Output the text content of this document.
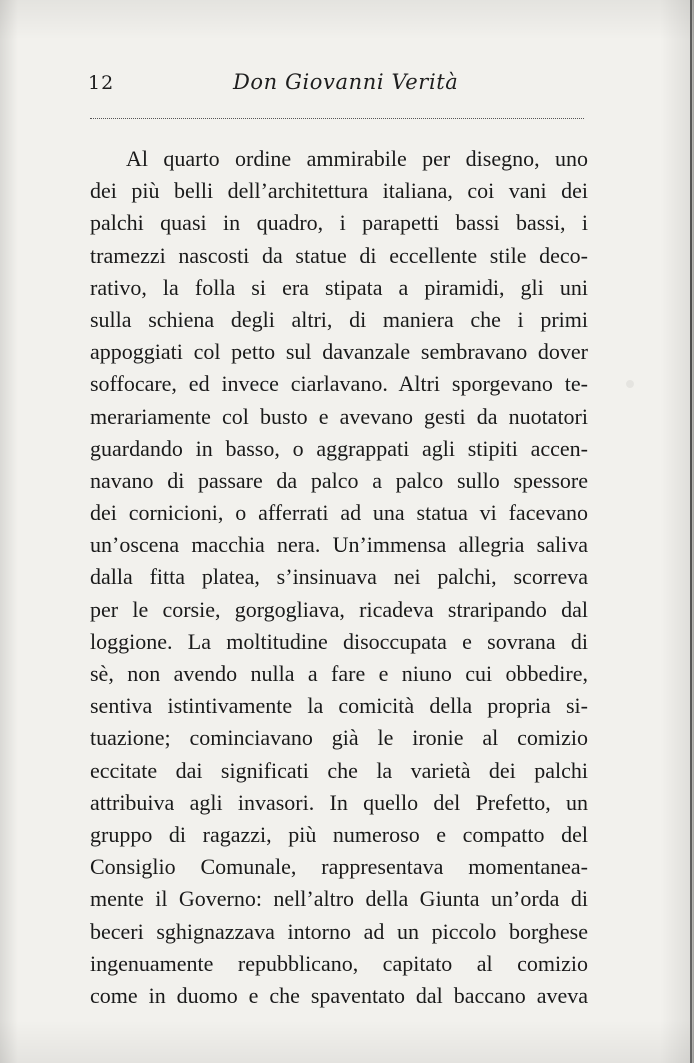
12	Don Giovanni Verità
Al quarto ordine ammirabile per disegno, uno
dei più belli dell’architettura italiana, coi vani dei
palchi quasi in quadro, i parapetti bassi bassi, i
tramezzi nascosti da statue di eccellente stile deco-
rativo, la folla si era stipata a piramidi, gli uni
sulla schiena degli altri, di maniera che i primi
appoggiati col petto sul davanzale sembravano dover
soffocare, ed invece ciarlavano. Altri sporgevano te-
merariamente col busto e avevano gesti da nuotatori
guardando in basso, o aggrappati agli stipiti accen-
navano di passare da palco a palco sullo spessore
dei cornicioni, o afferrati ad una statua vi facevano
un’oscena macchia nera. Un’immensa allegria saliva
dalla fitta platea, s’insinuava nei palchi, scorreva
per le corsie, gorgogliava, ricadeva straripando dal
loggione. La moltitudine disoccupata e sovrana di
sè, non avendo nulla a fare e niuno cui obbedire,
sentiva istintivamente la comicità della propria si-
tuazione; cominciavano già le ironie al comizio
eccitate dai significati che la varietà dei palchi
attribuiva agli invasori. In quello del Prefetto, un
gruppo di ragazzi, più numeroso e compatto del
Consiglio Comunale, rappresentava momentanea-
mente il Governo: nell’altro della Giunta un’orda di
beceri sghignazzava intorno ad un piccolo borghese
ingenuamente repubblicano, capitato al comizio
come in duomo e che spaventato dal baccano aveva
